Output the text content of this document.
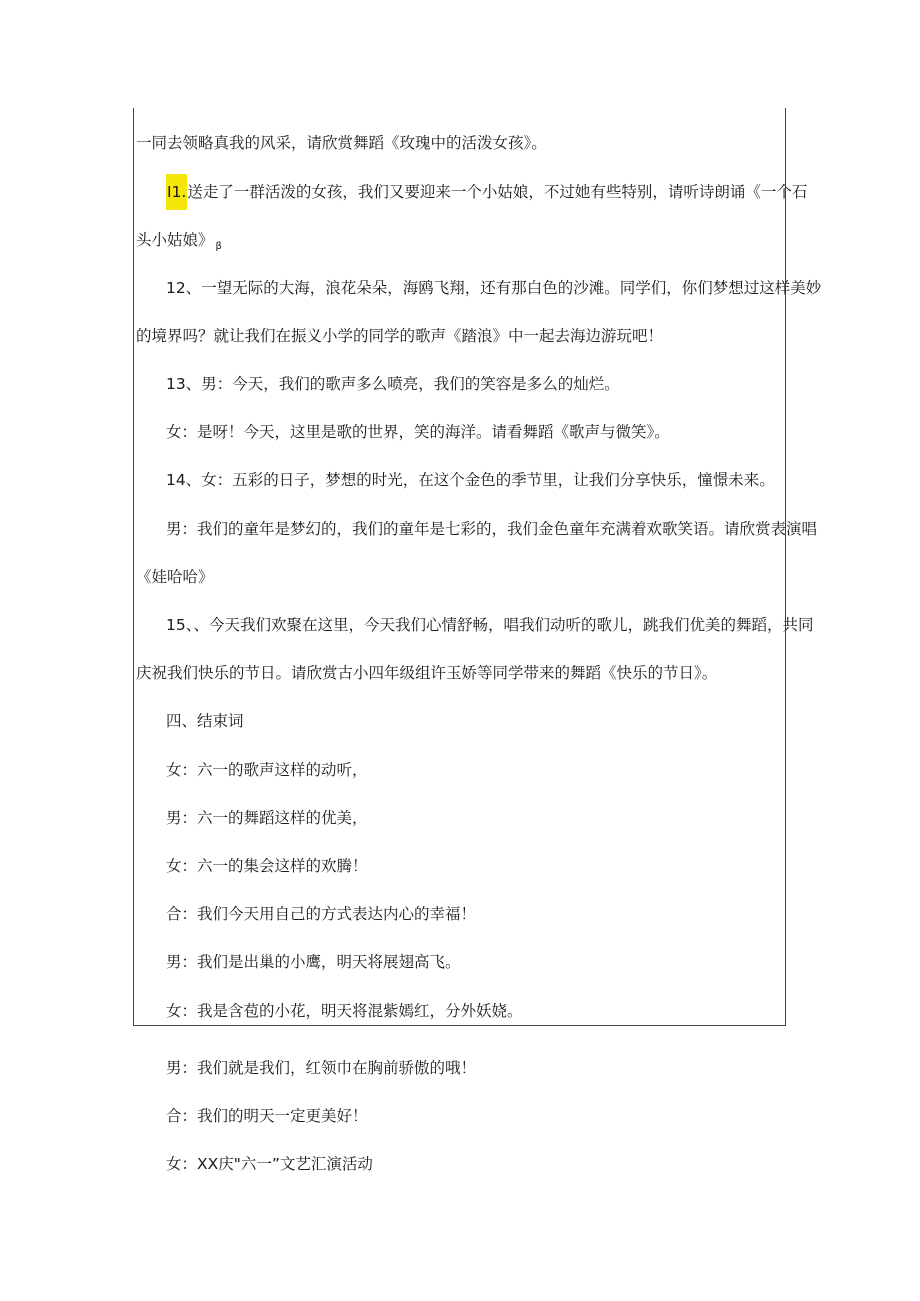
一同去领略真我的风采，请欣赏舞蹈《玫瑰中的活泼女孩》。
I1.送走了一群活泼的女孩，我们又要迎来一个小姑娘，不过她有些特别，请听诗朗诵《一个石
头小姑娘》 $_\beta$
12、一望无际的大海，浪花朵朵，海鸥飞翔，还有那白色的沙滩。同学们，你们梦想过这样美妙
的境界吗？就让我们在振义小学的同学的歌声《踏浪》中一起去海边游玩吧！
13、男：今天，我们的歌声多么喷亮，我们的笑容是多么的灿烂。
女：是呀！今天，这里是歌的世界，笑的海洋。请看舞蹈《歌声与微笑》。
14、女：五彩的日子，梦想的时光，在这个金色的季节里，让我们分享快乐，憧憬未来。
男：我们的童年是梦幻的，我们的童年是七彩的，我们金色童年充满着欢歌笑语。请欣赏表演唱
《娃哈哈》
15、、今天我们欢聚在这里，今天我们心情舒畅，唱我们动听的歌儿，跳我们优美的舞蹈，共同
庆祝我们快乐的节日。请欣赏古小四年级组许玉娇等同学带来的舞蹈《快乐的节日》。
四、结束词
女：六一的歌声这样的动听，
男：六一的舞蹈这样的优美，
女：六一的集会这样的欢腾！
合：我们今天用自己的方式表达内心的幸福！
男：我们是出巢的小鹰，明天将展翅高飞。
女：我是含苞的小花，明天将混紫嫣红，分外妖娆。
男：我们就是我们，红领巾在胸前骄傲的哦！
合：我们的明天一定更美好！
女：XX庆"六一”文艺汇演活动
